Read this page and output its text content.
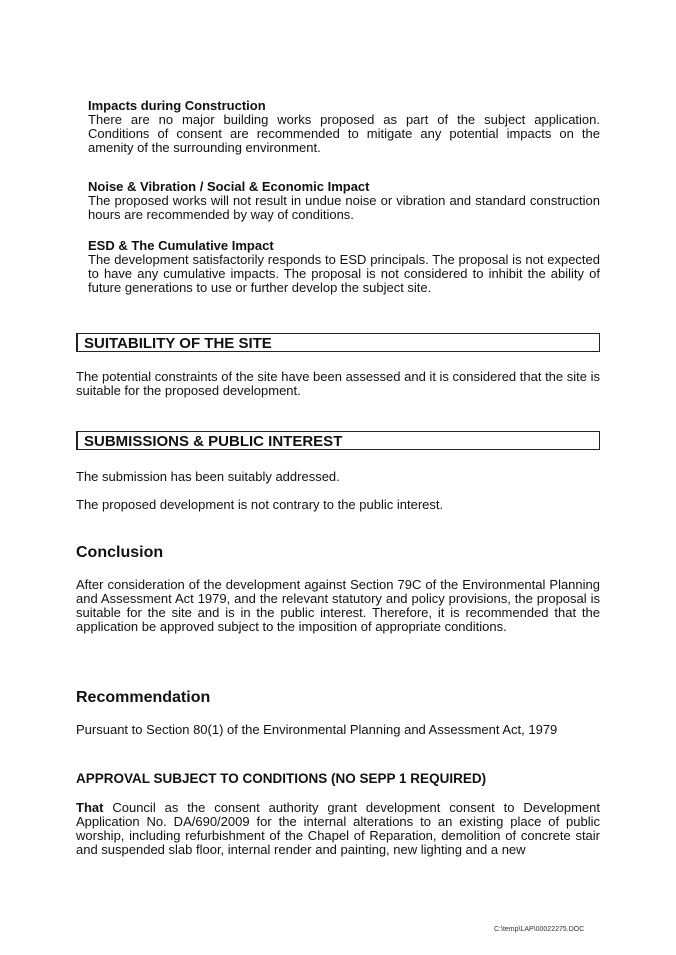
Impacts during Construction

There are no major building works proposed as part of the subject application. Conditions of consent are recommended to mitigate any potential impacts on the amenity of the surrounding environment.

Noise & Vibration / Social & Economic Impact

The proposed works will not result in undue noise or vibration and standard construction hours are recommended by way of conditions.

ESD & The Cumulative Impact

The development satisfactorily responds to ESD principals. The proposal is not expected to have any cumulative impacts. The proposal is not considered to inhibit the ability of future generations to use or further develop the subject site.

SUITABILITY OF THE SITE

The potential constraints of the site have been assessed and it is considered that the site is suitable for the proposed development.

SUBMISSIONS & PUBLIC INTEREST

The submission has been suitably addressed.

The proposed development is not contrary to the public interest.

Conclusion

After consideration of the development against Section 79C of the Environmental Planning and Assessment Act 1979, and the relevant statutory and policy provisions, the proposal is suitable for the site and is in the public interest. Therefore, it is recommended that the application be approved subject to the imposition of appropriate conditions.

Recommendation

Pursuant to Section 80(1) of the Environmental Planning and Assessment Act, 1979

APPROVAL SUBJECT TO CONDITIONS (NO SEPP 1 REQUIRED)

That Council as the consent authority grant development consent to Development Application No. DA/690/2009 for the internal alterations to an existing place of public worship, including refurbishment of the Chapel of Reparation, demolition of concrete stair and suspended slab floor, internal render and painting, new lighting and a new

C:\temp\LAP\00022275.DOC
